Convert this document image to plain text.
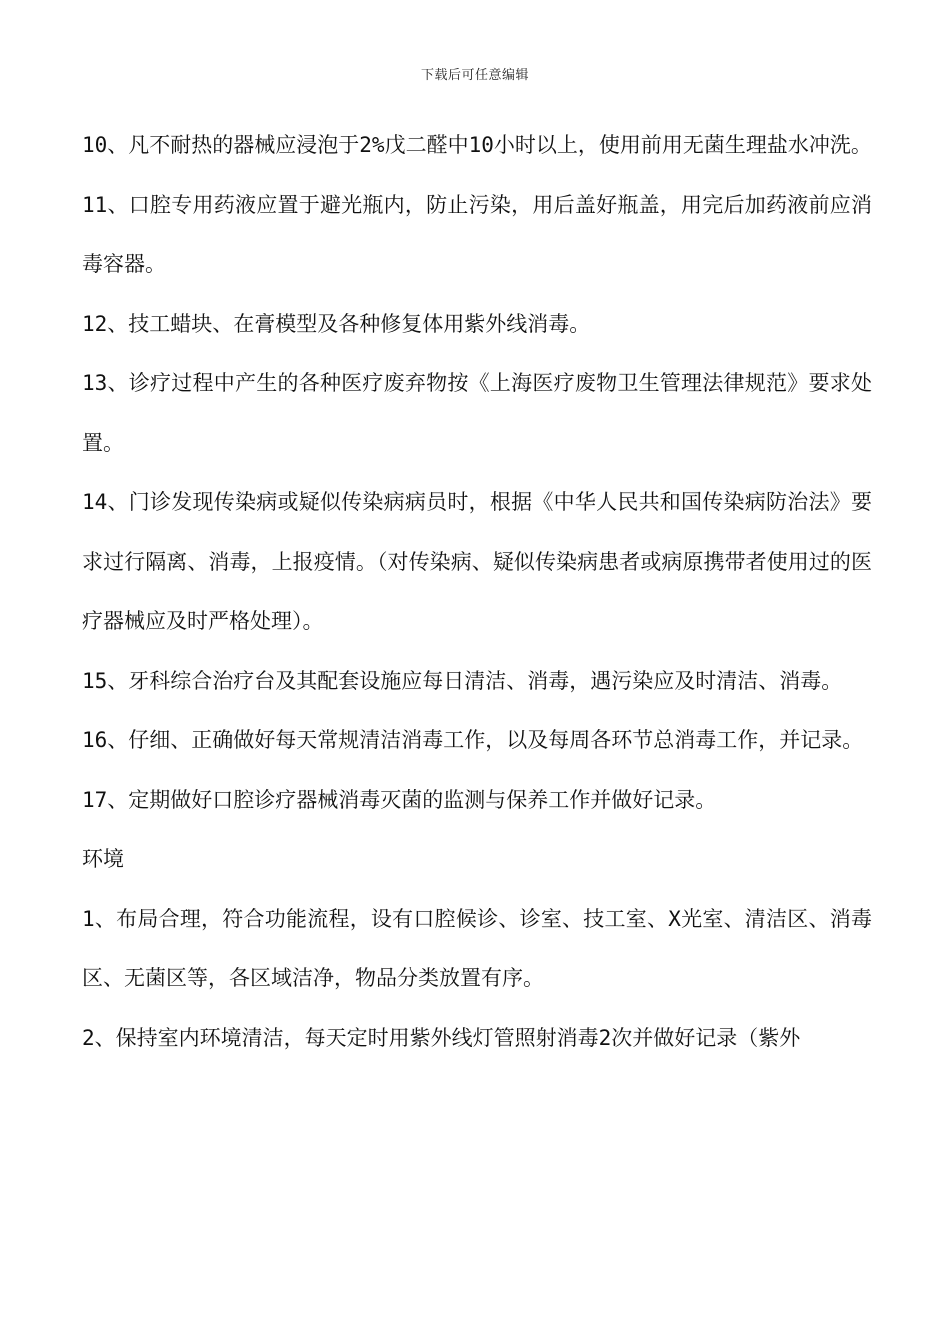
下载后可任意编辑

10、凡不耐热的器械应浸泡于2%戊二醛中10小时以上，使用前用无菌生理盐水冲洗。

11、口腔专用药液应置于避光瓶内，防止污染，用后盖好瓶盖，用完后加药液前应消毒容器。

12、技工蜡块、在膏模型及各种修复体用紫外线消毒。

13、诊疗过程中产生的各种医疗废弃物按《上海医疗废物卫生管理法律规范》要求处置。

14、门诊发现传染病或疑似传染病病员时，根据《中华人民共和国传染病防治法》要求过行隔离、消毒，上报疫情。（对传染病、疑似传染病患者或病原携带者使用过的医疗器械应及时严格处理）。

15、牙科综合治疗台及其配套设施应每日清洁、消毒，遇污染应及时清洁、消毒。

16、仔细、正确做好每天常规清洁消毒工作，以及每周各环节总消毒工作，并记录。

17、定期做好口腔诊疗器械消毒灭菌的监测与保养工作并做好记录。

环境

1、布局合理，符合功能流程，设有口腔候诊、诊室、技工室、X光室、清洁区、消毒区、无菌区等，各区域洁净，物品分类放置有序。

2、保持室内环境清洁，每天定时用紫外线灯管照射消毒2次并做好记录（紫外
